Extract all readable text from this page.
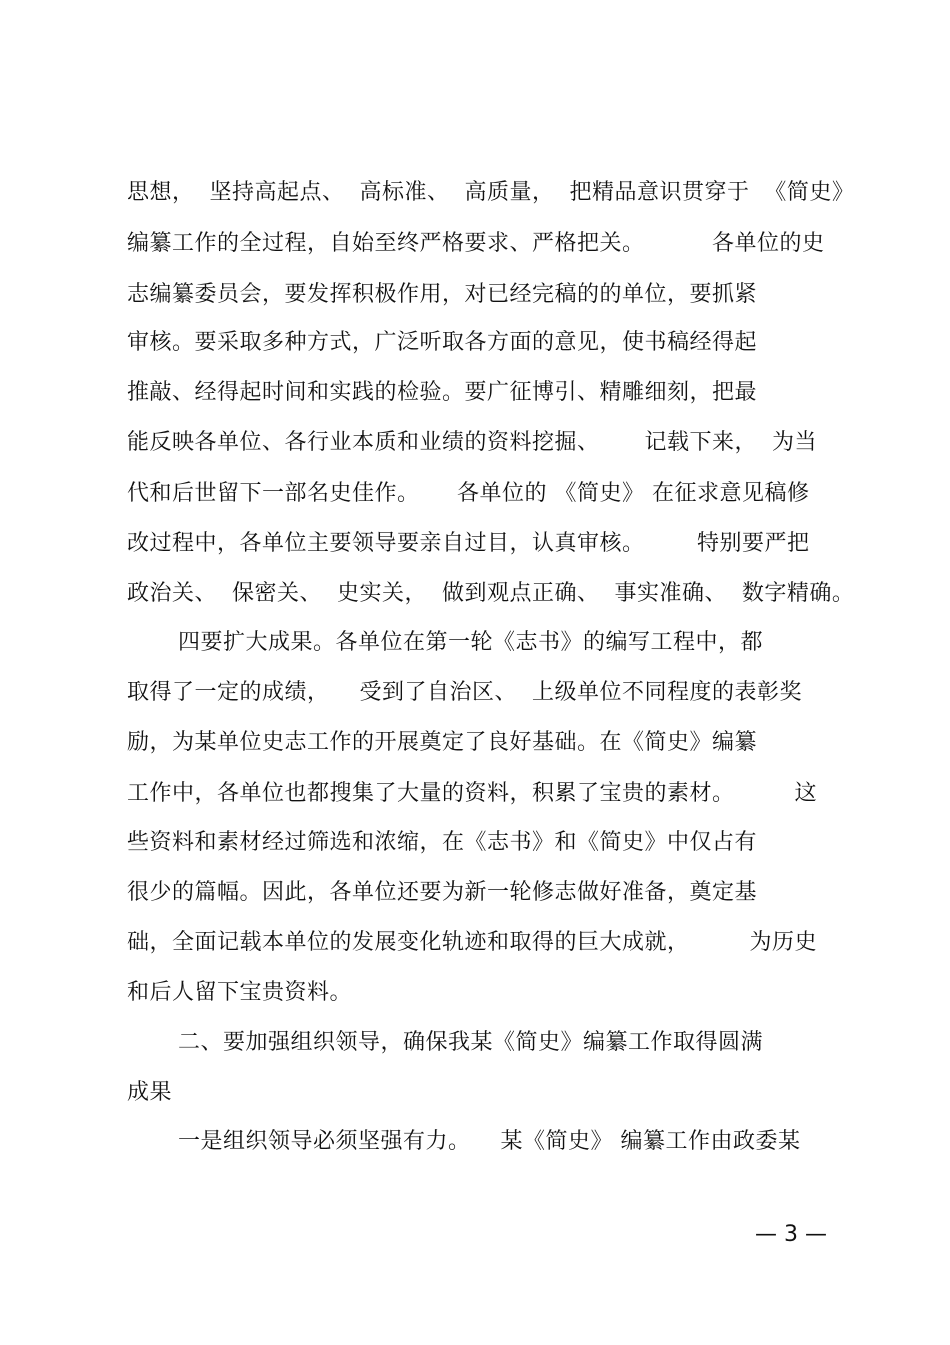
思想，  坚持高起点、  高标准、  高质量，  把精品意识贯穿于  《简史》
编纂工作的全过程，自始至终严格要求、严格把关。         各单位的史
志编纂委员会，要发挥积极作用，对已经完稿的的单位，要抓紧
审核。要采取多种方式，广泛听取各方面的意见，使书稿经得起
推敲、经得起时间和实践的检验。要广征博引、精雕细刻，把最
能反映各单位、各行业本质和业绩的资料挖掘、      记载下来，  为当
代和后世留下一部名史佳作。     各单位的 《简史》 在征求意见稿修
改过程中，各单位主要领导要亲自过目，认真审核。       特别要严把
政治关、  保密关、  史实关，  做到观点正确、  事实准确、  数字精确。
四要扩大成果。各单位在第一轮《志书》的编写工程中，都
取得了一定的成绩，    受到了自治区、  上级单位不同程度的表彰奖
励，为某单位史志工作的开展奠定了良好基础。在《简史》编纂
工作中，各单位也都搜集了大量的资料，积累了宝贵的素材。        这
些资料和素材经过筛选和浓缩，在《志书》和《简史》中仅占有
很少的篇幅。因此，各单位还要为新一轮修志做好准备，奠定基
础，全面记载本单位的发展变化轨迹和取得的巨大成就，        为历史
和后人留下宝贵资料。
二、要加强组织领导，确保我某《简史》编纂工作取得圆满
成果
一是组织领导必须坚强有力。    某《简史》 编纂工作由政委某
— 3 —
